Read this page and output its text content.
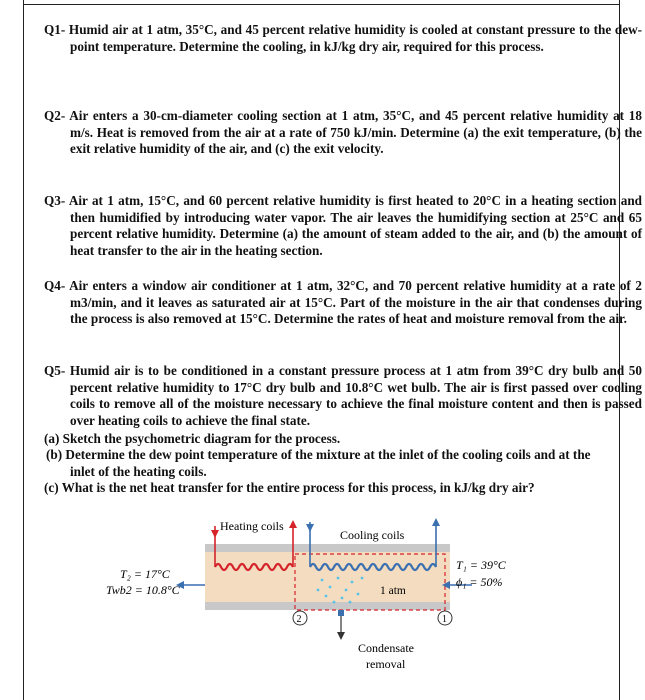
Q1- Humid air at 1 atm, 35°C, and 45 percent relative humidity is cooled at constant pressure to the dew-point temperature. Determine the cooling, in kJ/kg dry air, required for this process.
Q2- Air enters a 30-cm-diameter cooling section at 1 atm, 35°C, and 45 percent relative humidity at 18 m/s. Heat is removed from the air at a rate of 750 kJ/min. Determine (a) the exit temperature, (b) the exit relative humidity of the air, and (c) the exit velocity.
Q3- Air at 1 atm, 15°C, and 60 percent relative humidity is first heated to 20°C in a heating section and then humidified by introducing water vapor. The air leaves the humidifying section at 25°C and 65 percent relative humidity. Determine (a) the amount of steam added to the air, and (b) the amount of heat transfer to the air in the heating section.
Q4- Air enters a window air conditioner at 1 atm, 32°C, and 70 percent relative humidity at a rate of 2 m3/min, and it leaves as saturated air at 15°C. Part of the moisture in the air that condenses during the process is also removed at 15°C. Determine the rates of heat and moisture removal from the air.
Q5- Humid air is to be conditioned in a constant pressure process at 1 atm from 39°C dry bulb and 50 percent relative humidity to 17°C dry bulb and 10.8°C wet bulb. The air is first passed over cooling coils to remove all of the moisture necessary to achieve the final moisture content and then is passed over heating coils to achieve the final state.
(a) Sketch the psychometric diagram for the process.
(b) Determine the dew point temperature of the mixture at the inlet of the cooling coils and at the inlet of the heating coils.
(c) What is the net heat transfer for the entire process for this process, in kJ/kg dry air?
Heating coils
Cooling coils
Condensate
removal
1 atm
T₂ = 17°C
Twb2 = 10.8°C
T₁ = 39°C
ϕ₁ = 50%
2	1
